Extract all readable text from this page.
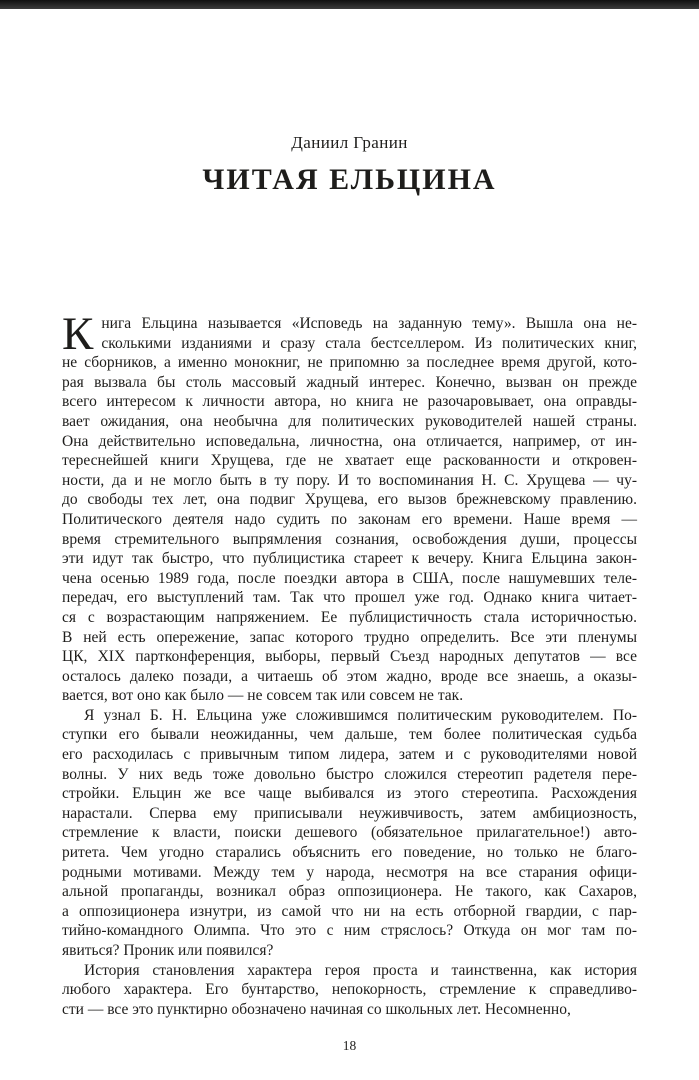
Даниил Гранин
ЧИТАЯ ЕЛЬЦИНА
К нига Ельцина называется «Исповедь на заданную тему». Вышла она не-
сколькими изданиями и сразу стала бестселлером. Из политических книг,
не сборников, а именно монокниг, не припомню за последнее время другой, кото-
рая вызвала бы столь массовый жадный интерес. Конечно, вызван он прежде
всего интересом к личности автора, но книга не разочаровывает, она оправды-
вает ожидания, она необычна для политических руководителей нашей страны.
Она действительно исповедальна, личностна, она отличается, например, от ин-
тереснейшей книги Хрущева, где не хватает еще раскованности и откровен-
ности, да и не могло быть в ту пору. И то воспоминания Н. С. Хрущева — чу-
до свободы тех лет, она подвиг Хрущева, его вызов брежневскому правлению.
Политического деятеля надо судить по законам его времени. Наше время —
время стремительного выпрямления сознания, освобождения души, процессы
эти идут так быстро, что публицистика стареет к вечеру. Книга Ельцина закон-
чена осенью 1989 года, после поездки автора в США, после нашумевших теле-
передач, его выступлений там. Так что прошел уже год. Однако книга читает-
ся с возрастающим напряжением. Ее публицистичность стала историчностью.
В ней есть опережение, запас которого трудно определить. Все эти пленумы
ЦК, XIX партконференция, выборы, первый Съезд народных депутатов — все
осталось далеко позади, а читаешь об этом жадно, вроде все знаешь, а оказы-
вается, вот оно как было — не совсем так или совсем не так.
Я узнал Б. Н. Ельцина уже сложившимся политическим руководителем. По-
ступки его бывали неожиданны, чем дальше, тем более политическая судьба
его расходилась с привычным типом лидера, затем и с руководителями новой
волны. У них ведь тоже довольно быстро сложился стереотип радетеля пере-
стройки. Ельцин же все чаще выбивался из этого стереотипа. Расхождения
нарастали. Сперва ему приписывали неуживчивость, затем амбициозность,
стремление к власти, поиски дешевого (обязательное прилагательное!) авто-
ритета. Чем угодно старались объяснить его поведение, но только не благо-
родными мотивами. Между тем у народа, несмотря на все старания офици-
альной пропаганды, возникал образ оппозиционера. Не такого, как Сахаров,
а оппозиционера изнутри, из самой что ни на есть отборной гвардии, с пар-
тийно-командного Олимпа. Что это с ним стряслось? Откуда он мог там по-
явиться? Проник или появился?
История становления характера героя проста и таинственна, как история
любого характера. Его бунтарство, непокорность, стремление к справедливо-
сти — все это пунктирно обозначено начиная со школьных лет. Несомненно,
18
